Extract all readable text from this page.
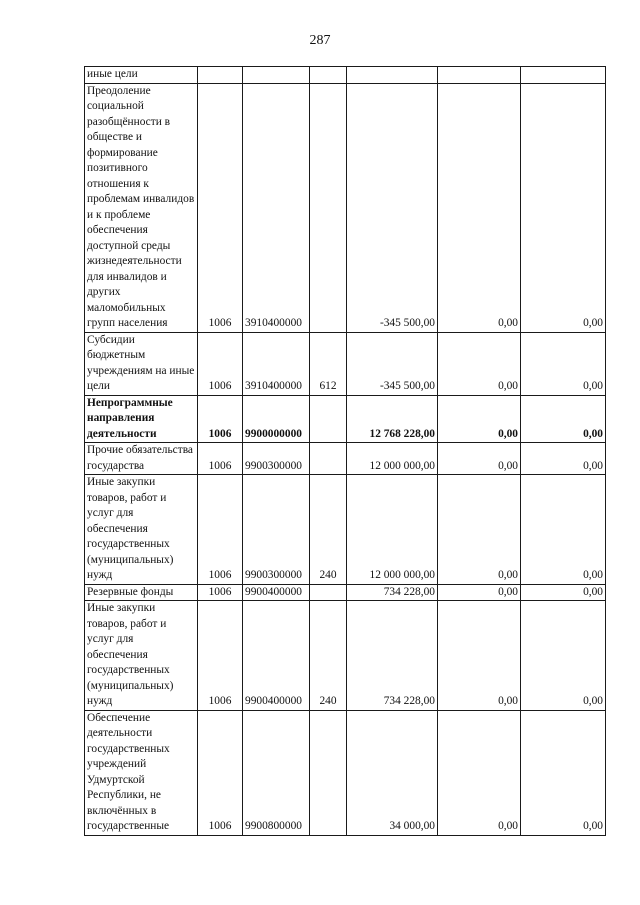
287
иные цели						
Преодоление социальной разобщённости в обществе и формирование позитивного отношения к проблемам инвалидов и к проблеме обеспечения доступной среды жизнедеятельности для инвалидов и других маломобильных групп населения	1006	3910400000		-345 500,00	0,00	0,00
Субсидии бюджетным учреждениям на иные цели	1006	3910400000	612	-345 500,00	0,00	0,00
Непрограммные направления деятельности	1006	9900000000		12 768 228,00	0,00	0,00
Прочие обязательства государства	1006	9900300000		12 000 000,00	0,00	0,00
Иные закупки товаров, работ и услуг для обеспечения государственных (муниципальных) нужд	1006	9900300000	240	12 000 000,00	0,00	0,00
Резервные фонды	1006	9900400000		734 228,00	0,00	0,00
Иные закупки товаров, работ и услуг для обеспечения государственных (муниципальных) нужд	1006	9900400000	240	734 228,00	0,00	0,00
Обеспечение деятельности государственных учреждений Удмуртской Республики, не включённых в государственные	1006	9900800000		34 000,00	0,00	0,00
